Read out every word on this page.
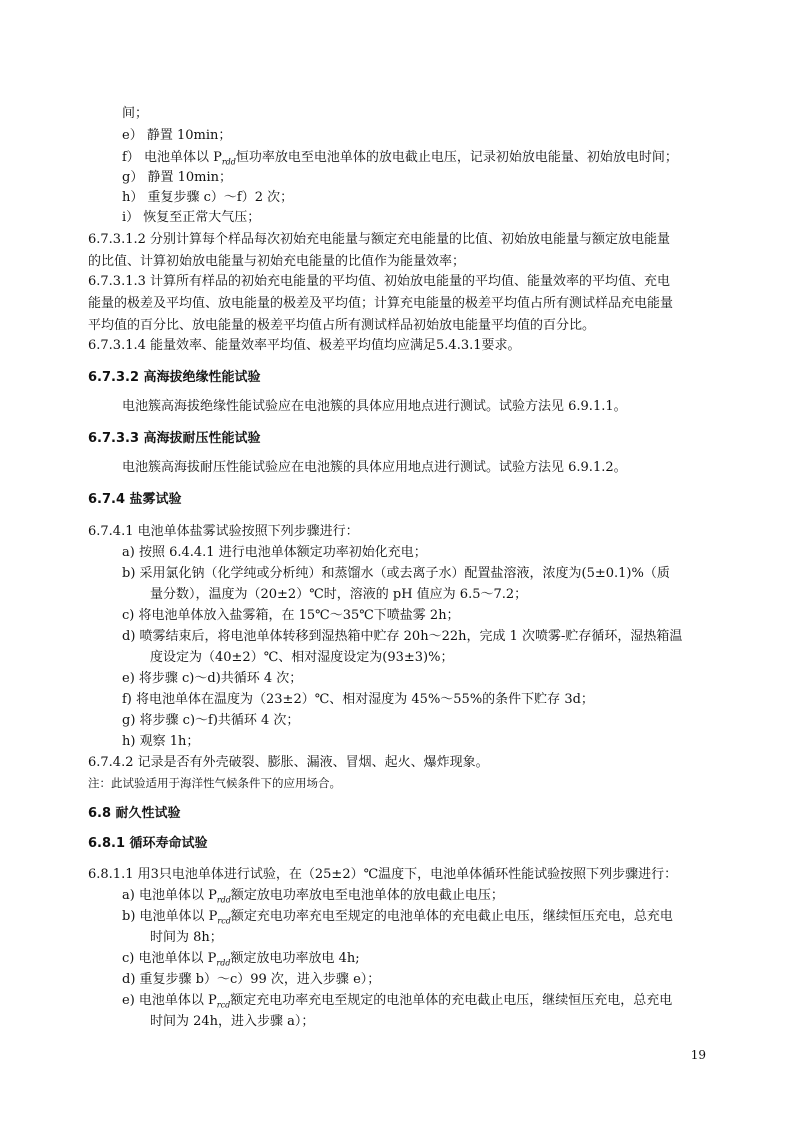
间；
e） 静置 10min；
f） 电池单体以 $P_{rdd}$恒功率放电至电池单体的放电截止电压，记录初始放电能量、初始放电时间；
g） 静置 10min；
h） 重复步骤 c）～f）2 次；
i） 恢复至正常大气压；
6.7.3.1.2 分别计算每个样品每次初始充电能量与额定充电能量的比值、初始放电能量与额定放电能量
的比值、计算初始放电能量与初始充电能量的比值作为能量效率；
6.7.3.1.3 计算所有样品的初始充电能量的平均值、初始放电能量的平均值、能量效率的平均值、充电
能量的极差及平均值、放电能量的极差及平均值；计算充电能量的极差平均值占所有测试样品充电能量
平均值的百分比、放电能量的极差平均值占所有测试样品初始放电能量平均值的百分比。
6.7.3.1.4 能量效率、能量效率平均值、极差平均值均应满足5.4.3.1要求。
6.7.3.2 高海拔绝缘性能试验
电池簇高海拔绝缘性能试验应在电池簇的具体应用地点进行测试。试验方法见 6.9.1.1。
6.7.3.3 高海拔耐压性能试验
电池簇高海拔耐压性能试验应在电池簇的具体应用地点进行测试。试验方法见 6.9.1.2。
6.7.4 盐雾试验
6.7.4.1 电池单体盐雾试验按照下列步骤进行：
a) 按照 6.4.4.1 进行电池单体额定功率初始化充电；
b) 采用氯化钠（化学纯或分析纯）和蒸馏水（或去离子水）配置盐溶液，浓度为(5±0.1)%（质
量分数），温度为（20±2）℃时，溶液的 pH 值应为 6.5～7.2；
c) 将电池单体放入盐雾箱，在 15℃～35℃下喷盐雾 2h；
d) 喷雾结束后，将电池单体转移到湿热箱中贮存 20h～22h，完成 1 次喷雾-贮存循环，湿热箱温
度设定为（40±2）℃、相对湿度设定为(93±3)%；
e) 将步骤 c)～d)共循环 4 次；
f) 将电池单体在温度为（23±2）℃、相对湿度为 45%～55%的条件下贮存 3d；
g) 将步骤 c)～f)共循环 4 次；
h) 观察 1h；
6.7.4.2 记录是否有外壳破裂、膨胀、漏液、冒烟、起火、爆炸现象。
注：此试验适用于海洋性气候条件下的应用场合。
6.8 耐久性试验
6.8.1 循环寿命试验
6.8.1.1 用3只电池单体进行试验，在（25±2）℃温度下，电池单体循环性能试验按照下列步骤进行：
a) 电池单体以 $P_{rdd}$额定放电功率放电至电池单体的放电截止电压；
b) 电池单体以 $P_{rcd}$额定充电功率充电至规定的电池单体的充电截止电压，继续恒压充电，总充电
时间为 8h；
c) 电池单体以 $P_{rdd}$额定放电功率放电 4h;
d) 重复步骤 b）～c）99 次，进入步骤 e）；
e) 电池单体以 $P_{rcd}$额定充电功率充电至规定的电池单体的充电截止电压，继续恒压充电，总充电
时间为 24h，进入步骤 a）；
19
